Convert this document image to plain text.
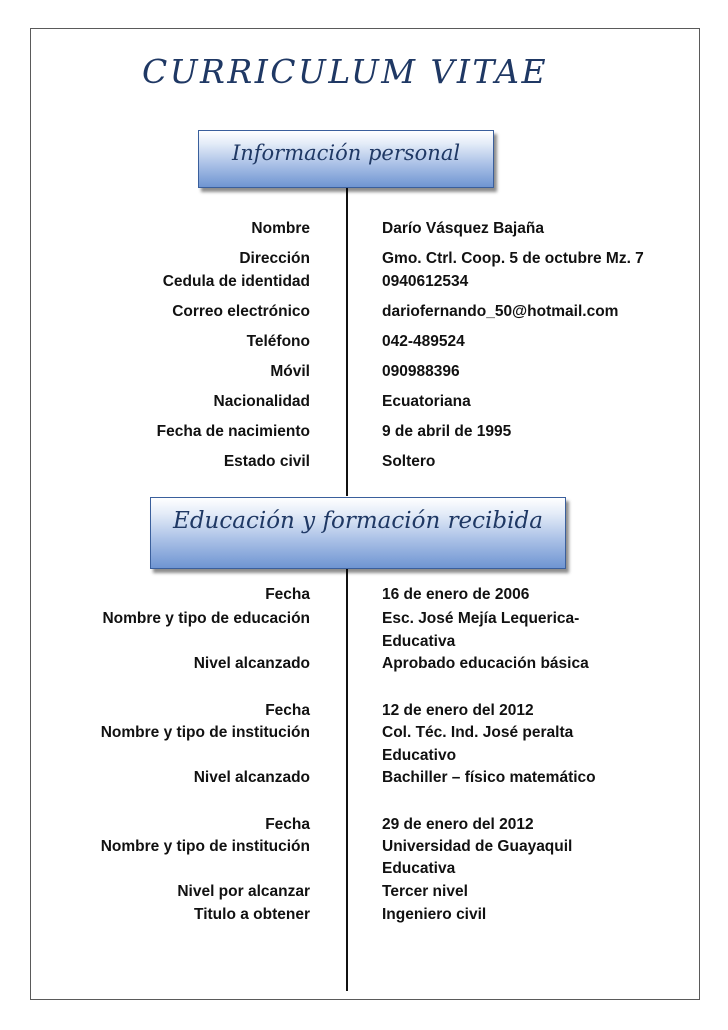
CURRICULUM VITAE
Información personal
Nombre	Darío Vásquez Bajaña
Dirección	Gmo. Ctrl. Coop. 5 de octubre Mz. 7
Cedula de identidad	0940612534
Correo electrónico	dariofernando_50@hotmail.com
Teléfono	042-489524
Móvil	090988396
Nacionalidad	Ecuatoriana
Fecha de nacimiento	9 de abril de 1995
Estado civil	Soltero
Educación y formación recibida
Fecha	16 de enero de 2006
Nombre y tipo de educación	Esc. José Mejía Lequerica-
Educativa
Nivel alcanzado	Aprobado educación básica
Fecha	12 de enero del 2012
Nombre y tipo de institución	Col. Téc. Ind. José peralta
Educativo
Nivel alcanzado	Bachiller – físico matemático
Fecha	29 de enero del 2012
Nombre y tipo de institución	Universidad de Guayaquil
Educativa
Nivel por alcanzar	Tercer nivel
Titulo a obtener	Ingeniero civil
